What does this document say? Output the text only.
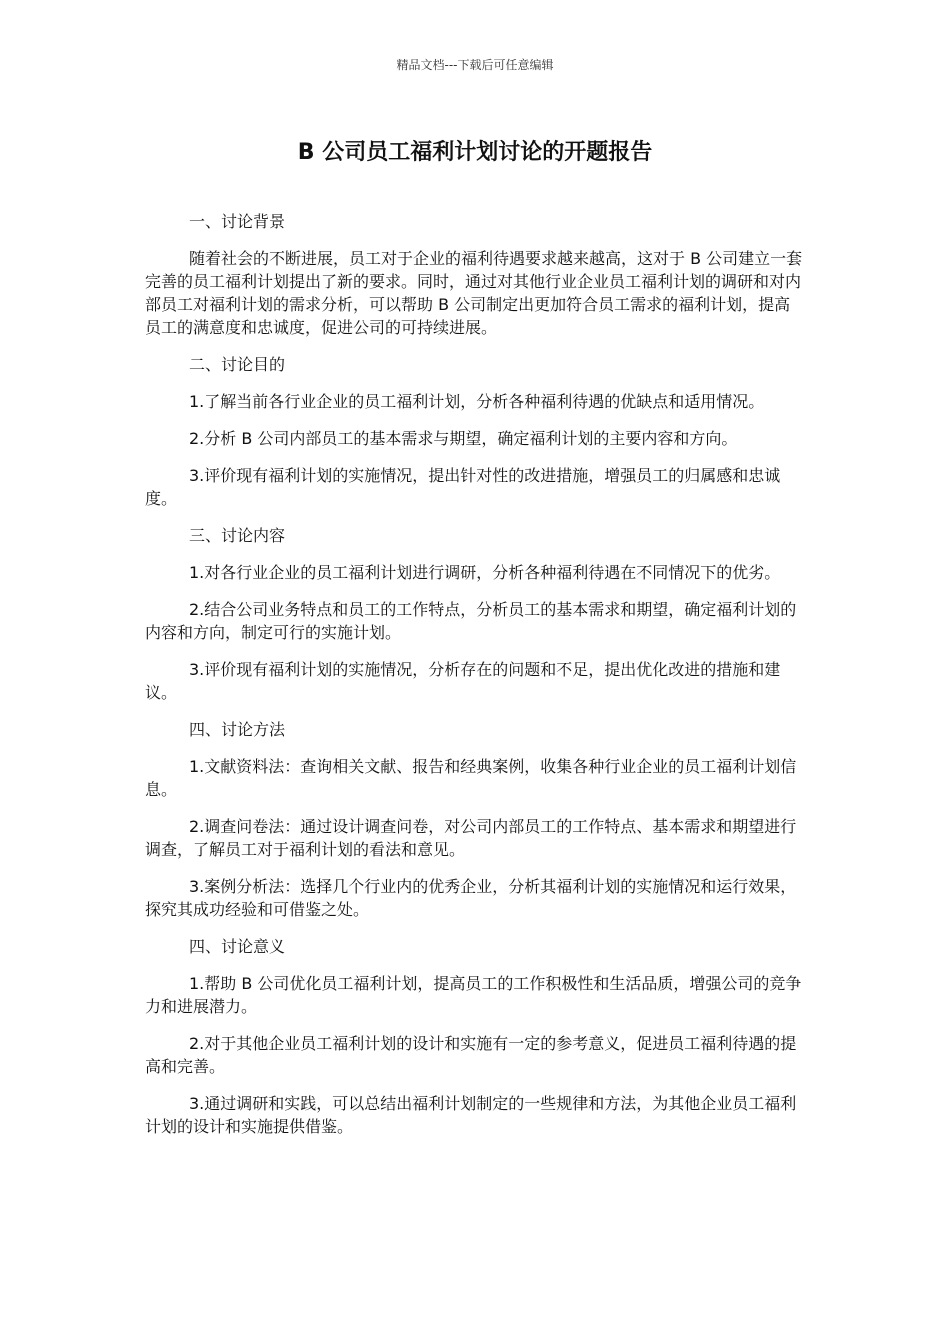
精品文档---下载后可任意编辑
B 公司员工福利计划讨论的开题报告
一、讨论背景

随着社会的不断进展，员工对于企业的福利待遇要求越来越高，这对于 B 公司建立一套完善的员工福利计划提出了新的要求。同时，通过对其他行业企业员工福利计划的调研和对内部员工对福利计划的需求分析，可以帮助 B 公司制定出更加符合员工需求的福利计划，提高员工的满意度和忠诚度，促进公司的可持续进展。

二、讨论目的

1.了解当前各行业企业的员工福利计划，分析各种福利待遇的优缺点和适用情况。

2.分析 B 公司内部员工的基本需求与期望，确定福利计划的主要内容和方向。

3.评价现有福利计划的实施情况，提出针对性的改进措施，增强员工的归属感和忠诚度。

三、讨论内容

1.对各行业企业的员工福利计划进行调研，分析各种福利待遇在不同情况下的优劣。

2.结合公司业务特点和员工的工作特点，分析员工的基本需求和期望，确定福利计划的内容和方向，制定可行的实施计划。

3.评价现有福利计划的实施情况，分析存在的问题和不足，提出优化改进的措施和建议。

四、讨论方法

1.文献资料法：查询相关文献、报告和经典案例，收集各种行业企业的员工福利计划信息。

2.调查问卷法：通过设计调查问卷，对公司内部员工的工作特点、基本需求和期望进行调查，了解员工对于福利计划的看法和意见。

3.案例分析法：选择几个行业内的优秀企业，分析其福利计划的实施情况和运行效果，探究其成功经验和可借鉴之处。

四、讨论意义

1.帮助 B 公司优化员工福利计划，提高员工的工作积极性和生活品质，增强公司的竞争力和进展潜力。

2.对于其他企业员工福利计划的设计和实施有一定的参考意义，促进员工福利待遇的提高和完善。

3.通过调研和实践，可以总结出福利计划制定的一些规律和方法，为其他企业员工福利计划的设计和实施提供借鉴。
